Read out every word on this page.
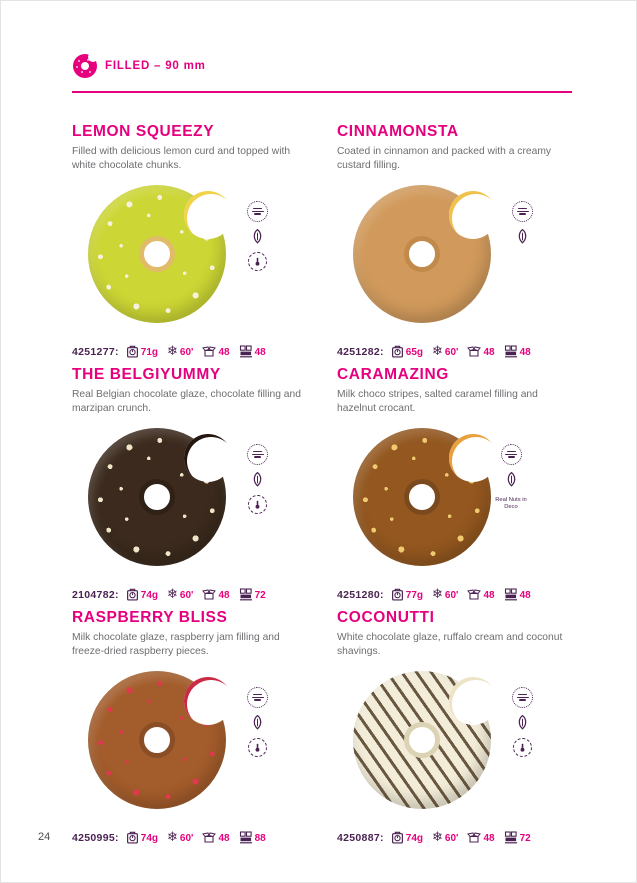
FILLED – 90 mm
LEMON SQUEEZY

Filled with delicious lemon curd and topped with white chocolate chunks.

4251277: 71g ❄ 60'	48	48
CINNAMONSTA

Coated in cinnamon and packed with a creamy custard filling.

4251282: 65g ❄ 60'	48	48
THE BELGIYUMMY

Real Belgian chocolate glaze, chocolate filling and marzipan crunch.

2104782: 74g ❄ 60'	48	72
CARAMAZING

Milk choco stripes, salted caramel filling and hazelnut crocant.

Real Nuts in Deco
4251280: 77g ❄ 60'	48	48
RASPBERRY BLISS

Milk chocolate glaze, raspberry jam filling and freeze-dried raspberry pieces.

4250995: 74g ❄ 60'	48	88
COCONUTTI

White chocolate glaze, ruffalo cream and coconut shavings.

4250887: 74g ❄ 60'	48	72
24
